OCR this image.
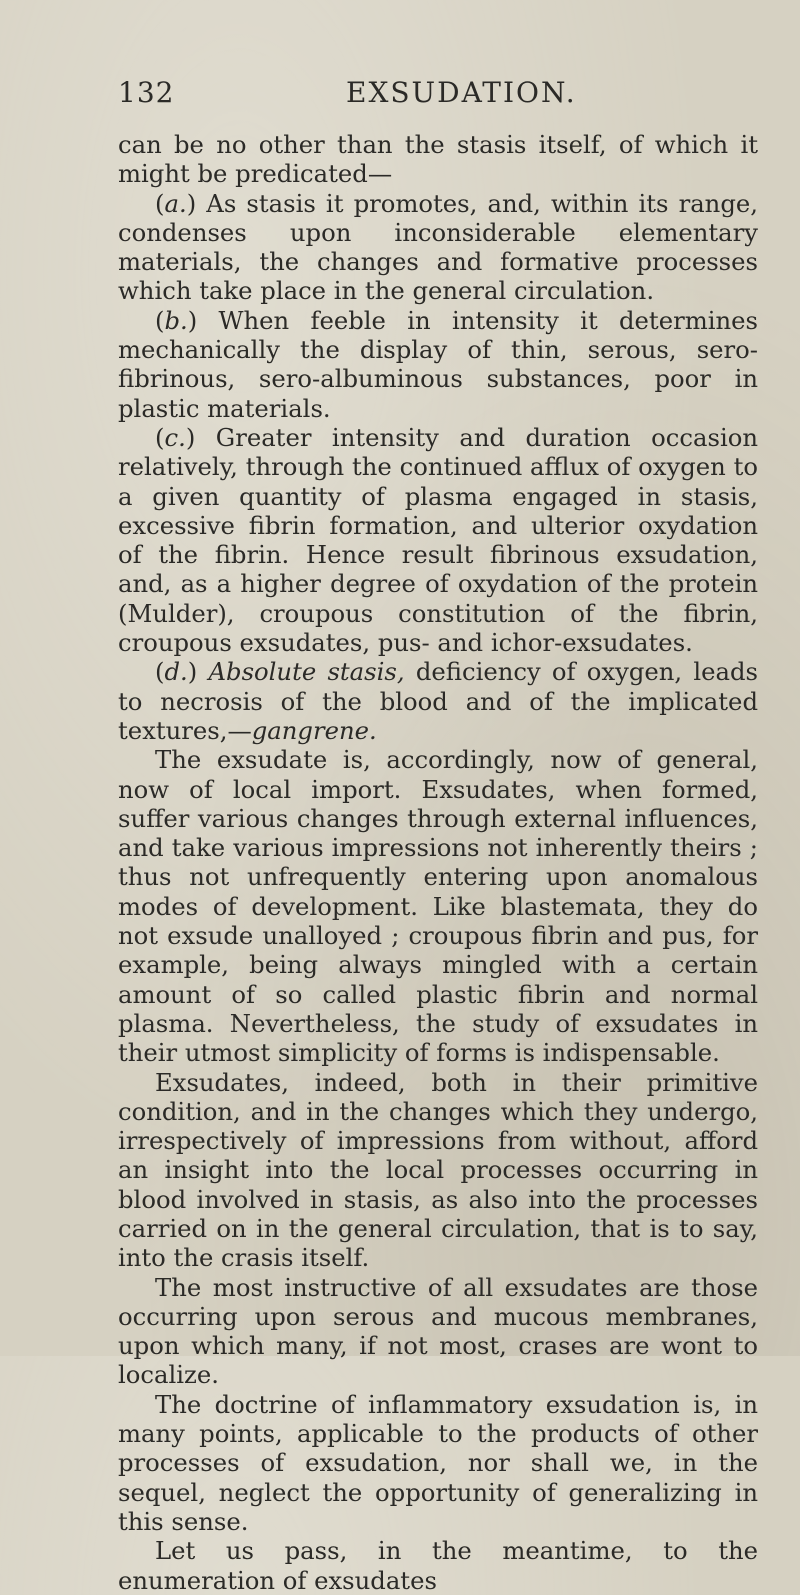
132	EXSUDATION.

can be no other than the stasis itself, of which it might be predicated—

(a.) As stasis it promotes, and, within its range, condenses upon inconsiderable elementary materials, the changes and formative processes which take place in the general circulation.

(b.) When feeble in intensity it determines mechanically the display of thin, serous, sero-fibrinous, sero-albuminous substances, poor in plastic materials.

(c.) Greater intensity and duration occasion relatively, through the continued afflux of oxygen to a given quantity of plasma engaged in stasis, excessive fibrin formation, and ulterior oxydation of the fibrin. Hence result fibrinous exsudation, and, as a higher degree of oxydation of the protein (Mulder), croupous constitution of the fibrin, croupous exsudates, pus- and ichor-exsudates.

(d.) Absolute stasis, deficiency of oxygen, leads to necrosis of the blood and of the implicated textures,—gangrene.

The exsudate is, accordingly, now of general, now of local import. Exsudates, when formed, suffer various changes through external influences, and take various impressions not inherently theirs ; thus not unfrequently entering upon anomalous modes of development. Like blastemata, they do not exsude unalloyed ; croupous fibrin and pus, for example, being always mingled with a certain amount of so called plastic fibrin and normal plasma. Nevertheless, the study of exsudates in their utmost simplicity of forms is indispensable.

Exsudates, indeed, both in their primitive condition, and in the changes which they undergo, irrespectively of impressions from without, afford an insight into the local processes occurring in blood involved in stasis, as also into the processes carried on in the general circulation, that is to say, into the crasis itself.

The most instructive of all exsudates are those occurring upon serous and mucous membranes, upon which many, if not most, crases are wont to localize.

The doctrine of inflammatory exsudation is, in many points, applicable to the products of other processes of exsudation, nor shall we, in the sequel, neglect the opportunity of generalizing in this sense.

Let us pass, in the meantime, to the enumeration of exsudates
